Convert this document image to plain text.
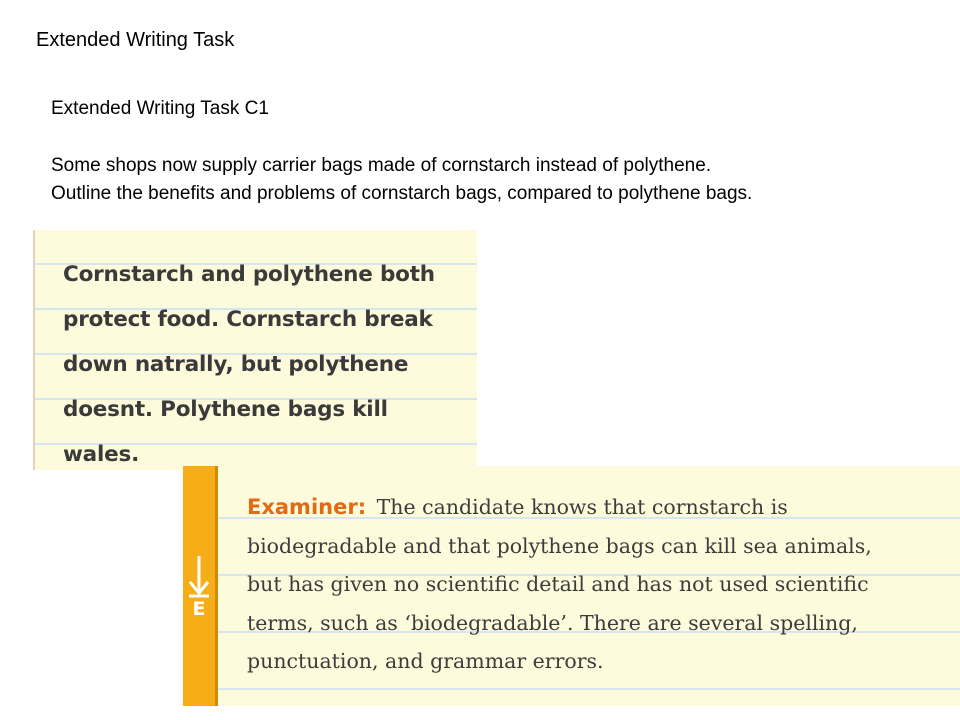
Extended Writing Task
Extended Writing Task C1
Some shops now supply carrier bags made of cornstarch instead of polythene.
Outline the benefits and problems of cornstarch bags, compared to polythene bags.
Cornstarch and polythene both
protect food. Cornstarch break
down natrally, but polythene
doesnt. Polythene bags kill
wales.
E
Examiner: The candidate knows that cornstarch is
biodegradable and that polythene bags can kill sea animals,
but has given no scientific detail and has not used scientific
terms, such as ‘biodegradable’. There are several spelling,
punctuation, and grammar errors.
